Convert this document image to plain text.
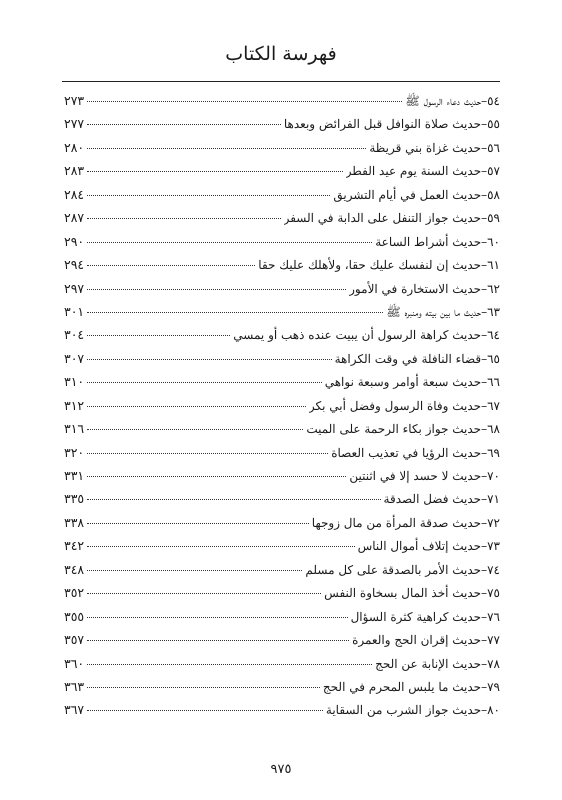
فهرسة الكتاب
٥٤
–
حديث دعاء الرسول ﷺ
٢٧٣
٥٥
–
حديث صلاة النوافل قبل الفرائض وبعدها
٢٧٧
٥٦
–
حديث غزاة بني قريظة
٢٨٠
٥٧
–
حديث السنة يوم عيد الفطر
٢٨٣
٥٨
–
حديث العمل في أيام التشريق
٢٨٤
٥٩
–
حديث جواز التنفل على الدابة في السفر
٢٨٧
٦٠
–
حديث أشراط الساعة
٢٩٠
٦١
–
حديث إن لنفسك عليك حقا، ولأهلك عليك حقا
٢٩٤
٦٢
–
حديث الاستخارة في الأمور
٢٩٧
٦٣
–
حديث ما بين بيته ومنبره ﷺ
٣٠١
٦٤
–
حديث كراهة الرسول أن يبيت عنده ذهب أو يمسي
٣٠٤
٦٥
–
قضاء النافلة في وقت الكراهة
٣٠٧
٦٦
–
حديث سبعة أوامر وسبعة نواهي
٣١٠
٦٧
–
حديث وفاة الرسول وفضل أبي بكر
٣١٢
٦٨
–
حديث جواز بكاء الرحمة على الميت
٣١٦
٦٩
–
حديث الرؤيا في تعذيب العصاة
٣٢٠
٧٠
–
حديث لا حسد إلا في اثنتين
٣٣١
٧١
–
حديث فضل الصدقة
٣٣٥
٧٢
–
حديث صدقة المرأة من مال زوجها
٣٣٨
٧٣
–
حديث إتلاف أموال الناس
٣٤٢
٧٤
–
حديث الأمر بالصدقة على كل مسلم
٣٤٨
٧٥
–
حديث أخذ المال بسخاوة النفس
٣٥٢
٧٦
–
حديث كراهية كثرة السؤال
٣٥٥
٧٧
–
حديث إقران الحج والعمرة
٣٥٧
٧٨
–
حديث الإنابة عن الحج
٣٦٠
٧٩
–
حديث ما يلبس المحرم في الحج
٣٦٣
٨٠
–
حديث جواز الشرب من السقاية
٣٦٧
٩٧٥
